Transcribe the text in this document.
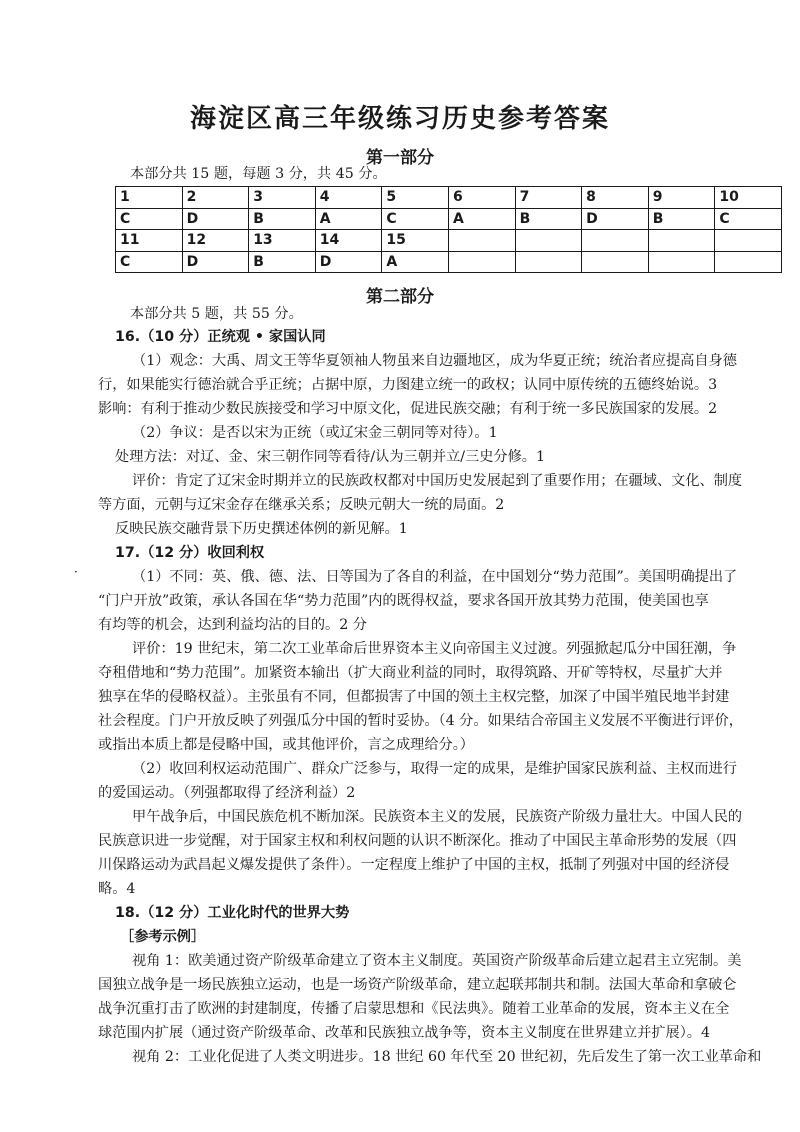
海淀区高三年级练习历史参考答案
第一部分
本部分共 15 题，每题 3 分，共 45 分。
1	2	3	4	5	6	7	8	9	10
C	D	B	A	C	A	B	D	B	C
11	12	13	14	15					
C	D	B	D	A					
第二部分
本部分共 5 题，共 55 分。
16.（10 分）正统观 • 家国认同
（1）观念：大禹、周文王等华夏领袖人物虽来自边疆地区，成为华夏正统；统治者应提高自身德
行，如果能实行德治就合乎正统；占据中原，力图建立统一的政权；认同中原传统的五德终始说。3
影响：有利于推动少数民族接受和学习中原文化，促进民族交融；有利于统一多民族国家的发展。2
（2）争议：是否以宋为正统（或辽宋金三朝同等对待）。1
处理方法：对辽、金、宋三朝作同等看待/认为三朝并立/三史分修。1
评价：肯定了辽宋金时期并立的民族政权都对中国历史发展起到了重要作用；在疆域、文化、制度
等方面，元朝与辽宋金存在继承关系；反映元朝大一统的局面。2
反映民族交融背景下历史撰述体例的新见解。1
17.（12 分）收回利权
·	（1）不同：英、俄、德、法、日等国为了各自的利益，在中国划分“势力范围”。美国明确提出了
“门户开放”政策，承认各国在华“势力范围”内的既得权益，要求各国开放其势力范围，使美国也享
有均等的机会，达到利益均沾的目的。2 分
评价：19 世纪末，第二次工业革命后世界资本主义向帝国主义过渡。列强掀起瓜分中国狂潮，争
夺租借地和“势力范围”。加紧资本输出（扩大商业利益的同时，取得筑路、开矿等特权，尽量扩大并
独享在华的侵略权益）。主张虽有不同，但都损害了中国的领土主权完整，加深了中国半殖民地半封建
社会程度。门户开放反映了列强瓜分中国的暂时妥协。（4 分。如果结合帝国主义发展不平衡进行评价，
或指出本质上都是侵略中国，或其他评价，言之成理给分。）
（2）收回利权运动范围广、群众广泛参与，取得一定的成果，是维护国家民族利益、主权而进行
的爱国运动。（列强都取得了经济利益）2
甲午战争后，中国民族危机不断加深。民族资本主义的发展，民族资产阶级力量壮大。中国人民的
民族意识进一步觉醒，对于国家主权和利权问题的认识不断深化。推动了中国民主革命形势的发展（四
川保路运动为武昌起义爆发提供了条件）。一定程度上维护了中国的主权，抵制了列强对中国的经济侵
略。4
18.（12 分）工业化时代的世界大势
［参考示例］
视角 1：欧美通过资产阶级革命建立了资本主义制度。英国资产阶级革命后建立起君主立宪制。美
国独立战争是一场民族独立运动，也是一场资产阶级革命，建立起联邦制共和制。法国大革命和拿破仑
战争沉重打击了欧洲的封建制度，传播了启蒙思想和《民法典》。随着工业革命的发展，资本主义在全
球范围内扩展（通过资产阶级革命、改革和民族独立战争等，资本主义制度在世界建立并扩展）。4
视角 2：工业化促进了人类文明进步。18 世纪 60 年代至 20 世纪初，先后发生了第一次工业革命和
